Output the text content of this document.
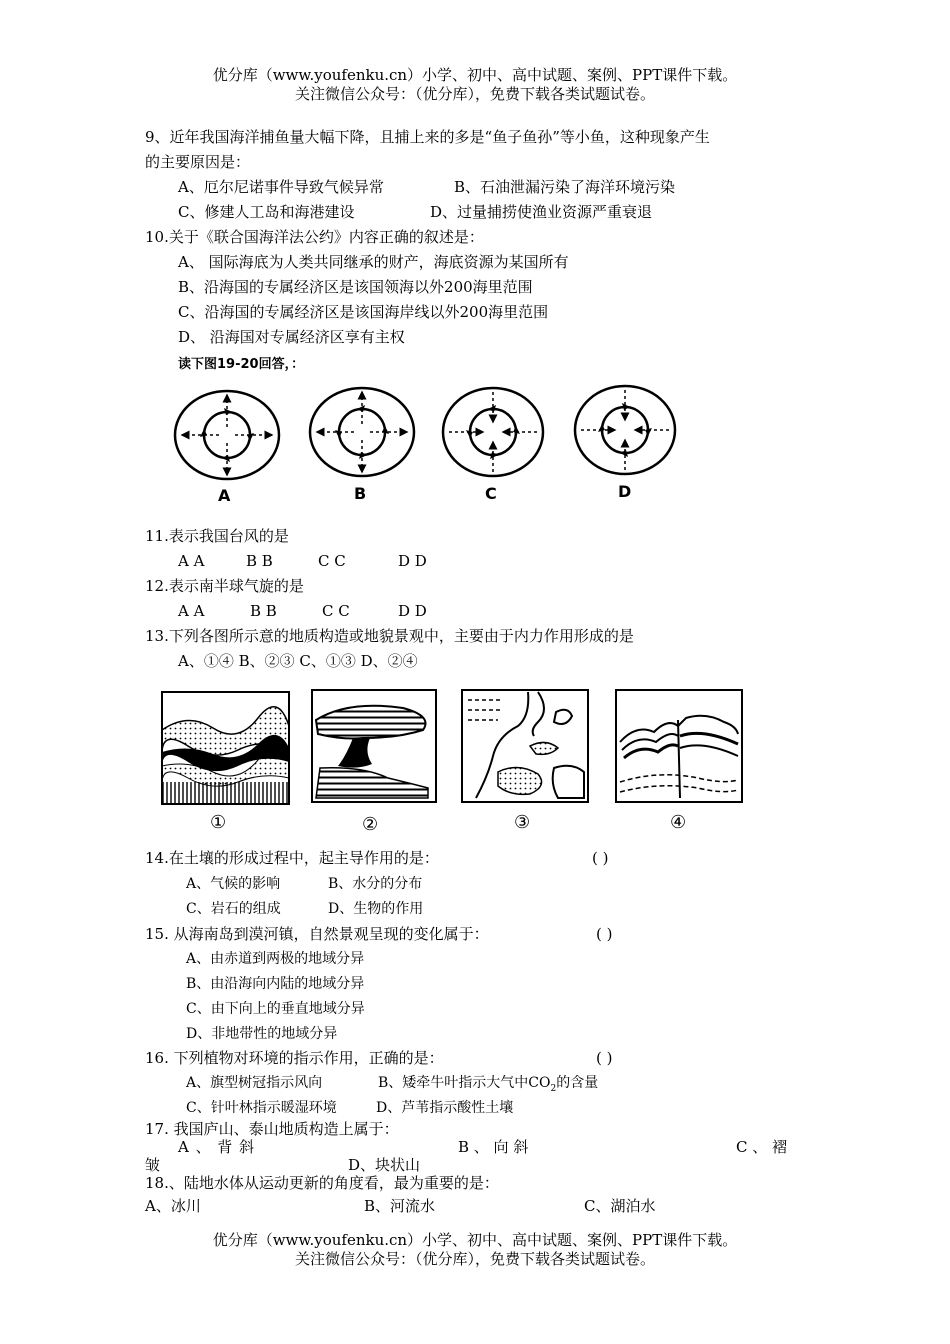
优分库（www.youfenku.cn）小学、初中、高中试题、案例、PPT课件下载。
关注微信公众号：（优分库），免费下载各类试题试卷。
9、近年我国海洋捕鱼量大幅下降，且捕上来的多是“鱼子鱼孙”等小鱼，这种现象产生
的主要原因是：
A、厄尔尼诺事件导致气候异常	B、石油泄漏污染了海洋环境污染
C、修建人工岛和海港建设	D、过量捕捞使渔业资源严重衰退
10.关于《联合国海洋法公约》内容正确的叙述是：
A、 国际海底为人类共同继承的财产，海底资源为某国所有
B、沿海国的专属经济区是该国领海以外200海里范围
C、沿海国的专属经济区是该国海岸线以外200海里范围
D、 沿海国对专属经济区享有主权
读下图19-20回答，：
A	B	C	D
11.表示我国台风的是
A A	B B	C C	D D
12.表示南半球气旋的是
A A	B B	C C	D D
13.下列各图所示意的地质构造或地貌景观中，主要由于内力作用形成的是
A、①④ B、②③ C、①③ D、②④
①	②	③	④
14.在土壤的形成过程中，起主导作用的是：	( )
A、气候的影响	B、水分的分布
C、岩石的组成	D、生物的作用
15. 从海南岛到漠河镇，自然景观呈现的变化属于：	( )
A、由赤道到两极的地域分异
B、由沿海向内陆的地域分异
C、由下向上的垂直地域分异
D、非地带性的地域分异
16. 下列植物对环境的指示作用，正确的是：	( )
A、旗型树冠指示风向	B、矮牵牛叶指示大气中$CO_2$的含量
C、针叶林指示暖湿环境	D、芦苇指示酸性土壤
17. 我国庐山、泰山地质构造上属于：
A 、 背 斜	B 、 向 斜	C 、 褶
皱	D、块状山
18.、陆地水体从运动更新的角度看，最为重要的是：
A、冰川	B、河流水	C、湖泊水
优分库（www.youfenku.cn）小学、初中、高中试题、案例、PPT课件下载。
关注微信公众号：（优分库），免费下载各类试题试卷。
